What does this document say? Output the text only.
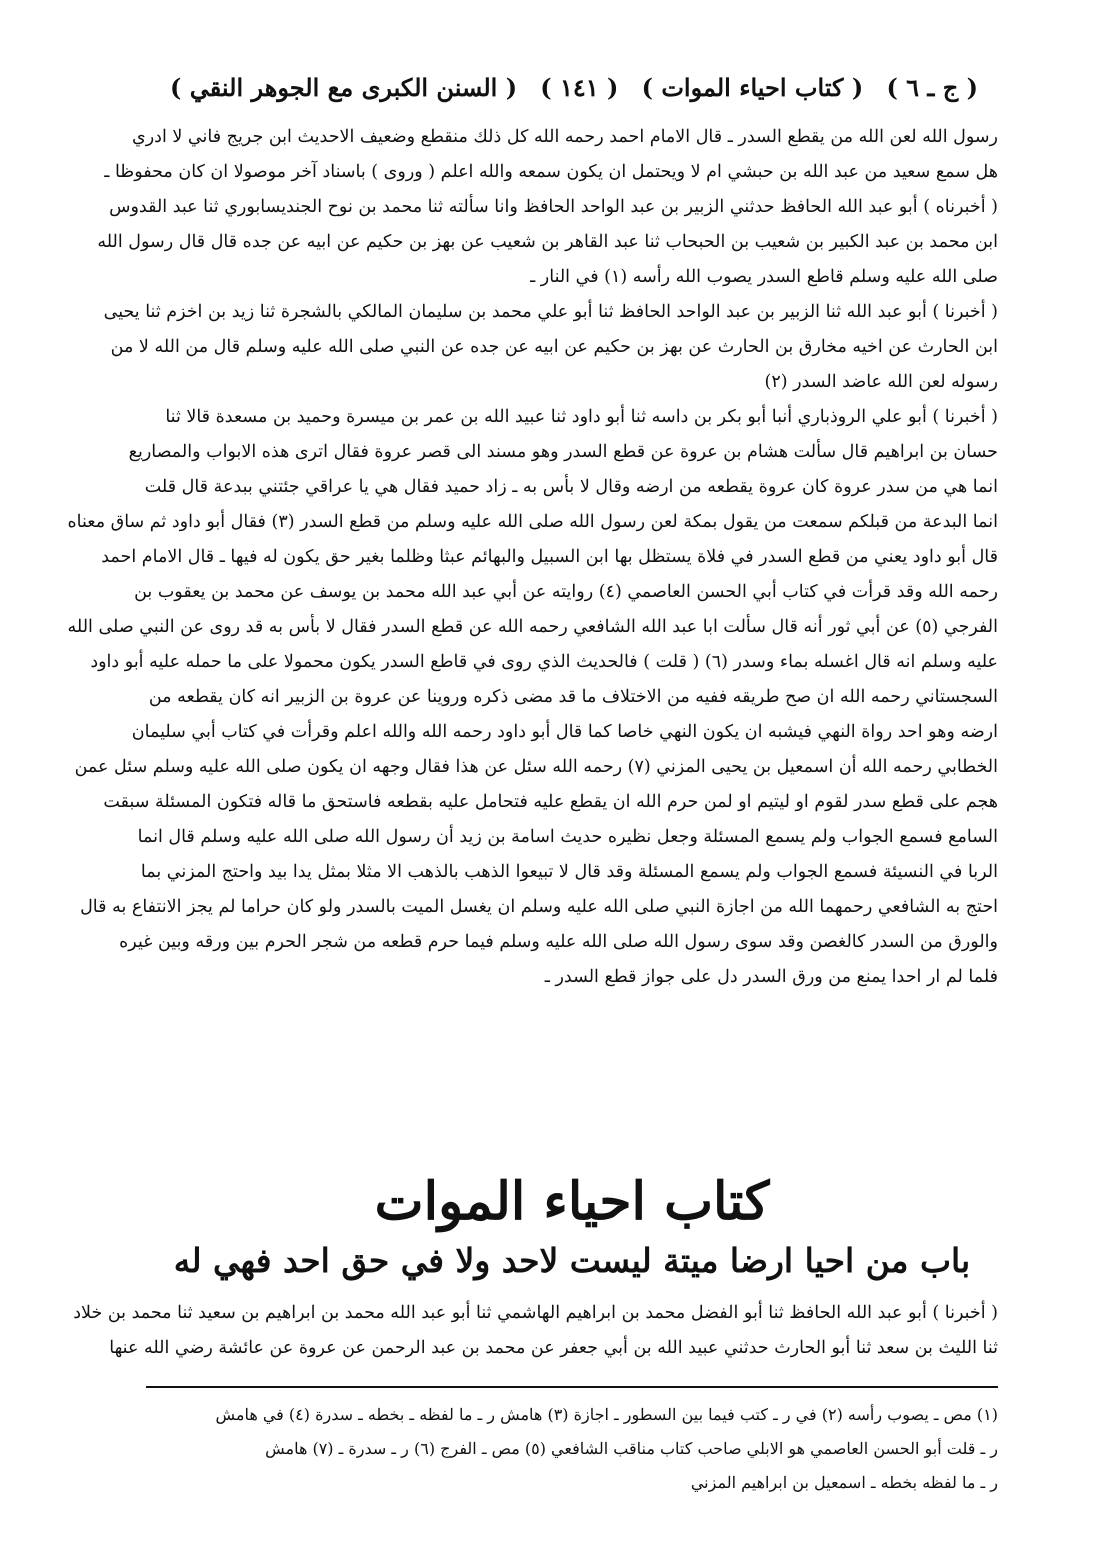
( السنن الكبرى مع الجوهر النقي ) ( ١٤١ ) ( كتاب احياء الموات ) ( ج ـ ٦ )
رسول الله لعن الله من يقطع السدر ـ قال الامام احمد رحمه الله كل ذلك منقطع وضعيف الاحديث ابن جريج فاني لا ادري
هل سمع سعيد من عبد الله بن حبشي ام لا ويحتمل ان يكون سمعه والله اعلم ( وروى ) باسناد آخر موصولا ان كان محفوظا ـ
( أخبرناه ) أبو عبد الله الحافظ حدثني الزبير بن عبد الواحد الحافظ وانا سألته ثنا محمد بن نوح الجنديسابوري ثنا عبد القدوس
ابن محمد بن عبد الكبير بن شعيب بن الحبحاب ثنا عبد القاهر بن شعيب عن بهز بن حكيم عن ابيه عن جده قال قال رسول الله
صلى الله عليه وسلم قاطع السدر يصوب الله رأسه (١) في النار ـ
( أخبرنا ) أبو عبد الله ثنا الزبير بن عبد الواحد الحافظ ثنا أبو علي محمد بن سليمان المالكي بالشجرة ثنا زيد بن اخزم ثنا يحيى
ابن الحارث عن اخيه مخارق بن الحارث عن بهز بن حكيم عن ابيه عن جده عن النبي صلى الله عليه وسلم قال من الله لا من
رسوله لعن الله عاضد السدر (٢)
( أخبرنا ) أبو علي الروذباري أنبا أبو بكر بن داسه ثنا أبو داود ثنا عبيد الله بن عمر بن ميسرة وحميد بن مسعدة قالا ثنا
حسان بن ابراهيم قال سألت هشام بن عروة عن قطع السدر وهو مسند الى قصر عروة فقال اترى هذه الابواب والمصاريع
انما هي من سدر عروة كان عروة يقطعه من ارضه وقال لا بأس به ـ زاد حميد فقال هي يا عراقي جئتني ببدعة قال قلت
انما البدعة من قبلكم سمعت من يقول بمكة لعن رسول الله صلى الله عليه وسلم من قطع السدر (٣) فقال أبو داود ثم ساق معناه
قال أبو داود يعني من قطع السدر في فلاة يستظل بها ابن السبيل والبهائم عبثا وظلما بغير حق يكون له فيها ـ قال الامام احمد
رحمه الله وقد قرأت في كتاب أبي الحسن العاصمي (٤) روايته عن أبي عبد الله محمد بن يوسف عن محمد بن يعقوب بن
الفرجي (٥) عن أبي ثور أنه قال سألت ابا عبد الله الشافعي رحمه الله عن قطع السدر فقال لا بأس به قد روى عن النبي صلى الله
عليه وسلم انه قال اغسله بماء وسدر (٦) ( قلت ) فالحديث الذي روى في قاطع السدر يكون محمولا على ما حمله عليه أبو داود
السجستاني رحمه الله ان صح طريقه ففيه من الاختلاف ما قد مضى ذكره وروينا عن عروة بن الزبير انه كان يقطعه من
ارضه وهو احد رواة النهي فيشبه ان يكون النهي خاصا كما قال أبو داود رحمه الله والله اعلم وقرأت في كتاب أبي سليمان
الخطابي رحمه الله أن اسمعيل بن يحيى المزني (٧) رحمه الله سئل عن هذا فقال وجهه ان يكون صلى الله عليه وسلم سئل عمن
هجم على قطع سدر لقوم او ليتيم او لمن حرم الله ان يقطع عليه فتحامل عليه بقطعه فاستحق ما قاله فتكون المسئلة سبقت
السامع فسمع الجواب ولم يسمع المسئلة وجعل نظيره حديث اسامة بن زيد أن رسول الله صلى الله عليه وسلم قال انما
الربا في النسيئة فسمع الجواب ولم يسمع المسئلة وقد قال لا تبيعوا الذهب بالذهب الا مثلا بمثل يدا بيد واحتج المزني بما
احتج به الشافعي رحمهما الله من اجازة النبي صلى الله عليه وسلم ان يغسل الميت بالسدر ولو كان حراما لم يجز الانتفاع به قال
والورق من السدر كالغصن وقد سوى رسول الله صلى الله عليه وسلم فيما حرم قطعه من شجر الحرم بين ورقه وبين غيره
فلما لم ار احدا يمنع من ورق السدر دل على جواز قطع السدر ـ
كتاب احياء الموات
باب من احيا ارضا ميتة ليست لاحد ولا في حق احد فهي له
( أخبرنا ) أبو عبد الله الحافظ ثنا أبو الفضل محمد بن ابراهيم الهاشمي ثنا أبو عبد الله محمد بن ابراهيم بن سعيد ثنا محمد بن خلاد
ثنا الليث بن سعد ثنا أبو الحارث حدثني عبيد الله بن أبي جعفر عن محمد بن عبد الرحمن عن عروة عن عائشة رضي الله عنها
(١) مص ـ يصوب رأسه (٢) في ر ـ كتب فيما بين السطور ـ اجازة (٣) هامش ر ـ ما لفظه ـ بخطه ـ سدرة (٤) في هامش
ر ـ قلت أبو الحسن العاصمي هو الابلي صاحب كتاب مناقب الشافعي (٥) مص ـ الفرج (٦) ر ـ سدرة ـ (٧) هامش
ر ـ ما لفظه بخطه ـ اسمعيل بن ابراهيم المزني
